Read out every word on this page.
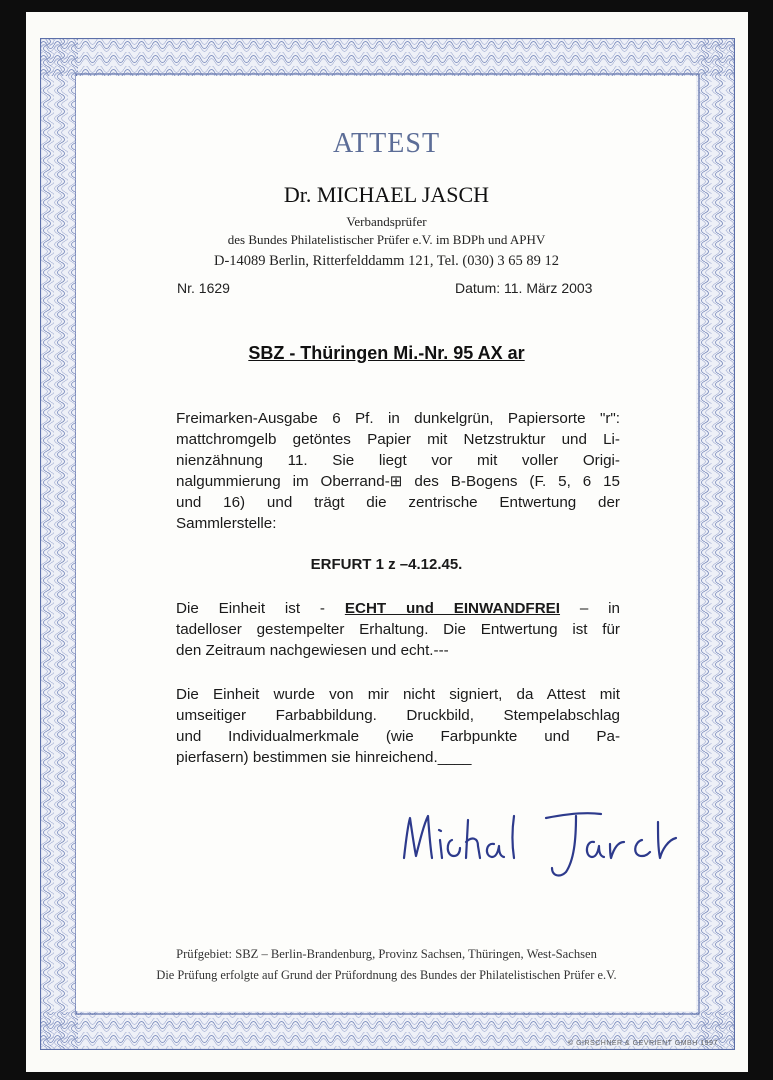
ATTEST
Dr. MICHAEL JASCH
Verbandsprüfer
des Bundes Philatelistischer Prüfer e.V. im BDPh und APHV
D-14089 Berlin, Ritterfelddamm 121, Tel. (030) 3 65 89 12
Nr. 1629	Datum: 11. März 2003
SBZ - Thüringen Mi.-Nr. 95 AX ar
Freimarken-Ausgabe 6 Pf. in dunkelgrün, Papiersorte "r":
mattchromgelb getöntes Papier mit Netzstruktur und Li-
nienzähnung 11. Sie liegt vor mit voller Origi-
nalgummierung im Oberrand-⊞ des B-Bogens (F. 5, 6 15
und 16) und trägt die zentrische Entwertung der
Sammlerstelle:
ERFURT 1 z –4.12.45.
Die Einheit ist - ECHT und EINWANDFREI – in
tadelloser gestempelter Erhaltung. Die Entwertung ist für
den Zeitraum nachgewiesen und echt.---
Die Einheit wurde von mir nicht signiert, da Attest mit
umseitiger Farbabbildung. Druckbild, Stempelabschlag
und Individualmerkmale (wie Farbpunkte und Pa-
pierfasern) bestimmen sie hinreichend.____
Prüfgebiet: SBZ – Berlin-Brandenburg, Provinz Sachsen, Thüringen, West-Sachsen
Die Prüfung erfolgte auf Grund der Prüfordnung des Bundes der Philatelistischen Prüfer e.V.
© GIRSCHNER & GEVRIENT GMBH 1997
